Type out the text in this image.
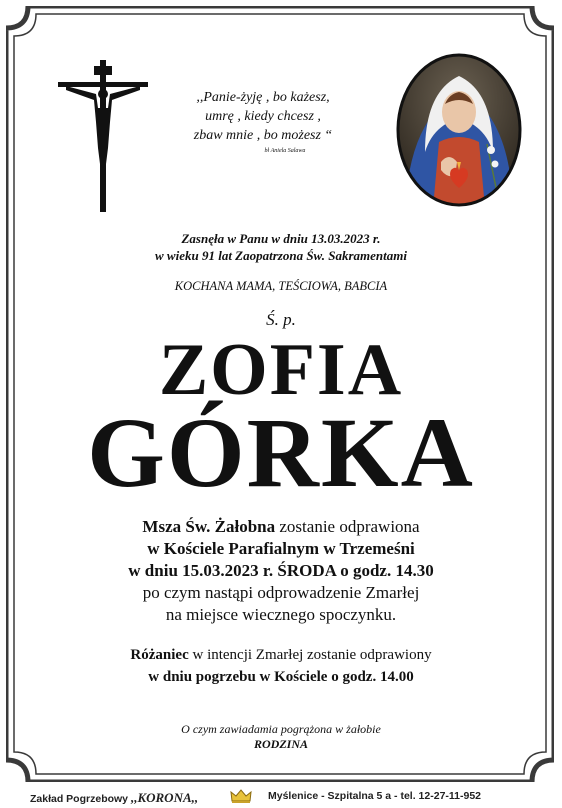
,,Panie-żyję , bo każesz,
umrę , kiedy chcesz ,
zbaw mnie , bo możesz “
bł Aniela Salawa
Zasnęła w Panu w dniu 13.03.2023 r.
w wieku 91 lat Zaopatrzona Św. Sakramentami
KOCHANA MAMA, TEŚCIOWA, BABCIA
Ś. p.
ZOFIA
GÓRKA
Msza Św. Żałobna zostanie odprawiona
w Kościele Parafialnym w Trzemeśni
w dniu 15.03.2023 r. ŚRODA o godz. 14.30
po czym nastąpi odprowadzenie Zmarłej
na miejsce wiecznego spoczynku.
Różaniec w intencji Zmarłej zostanie odprawiony
w dniu pogrzebu w Kościele o godz. 14.00
O czym zawiadamia pogrążona w żałobie
RODZINA
Zakład Pogrzebowy ,,KORONA,,	Myślenice - Szpitalna 5 a - tel. 12-27-11-952
